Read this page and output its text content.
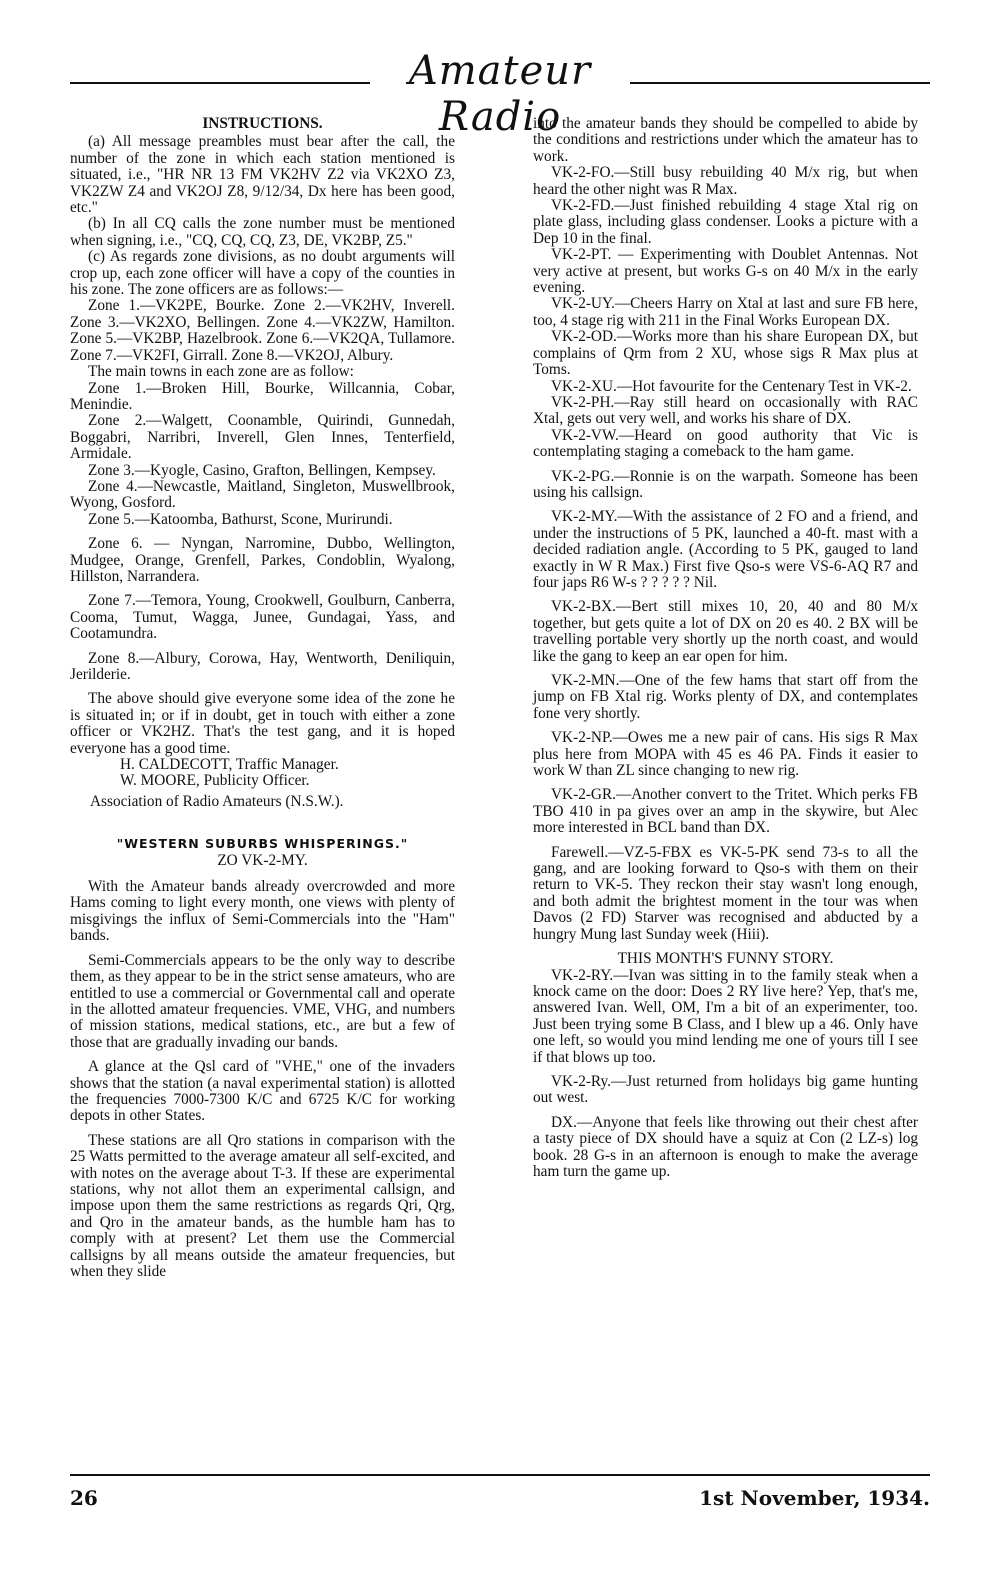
Amateur Radio

INSTRUCTIONS.

(a) All message preambles must bear after the call, the number of the zone in which each station mentioned is situated, i.e., "HR NR 13 FM VK2HV Z2 via VK2XO Z3, VK2ZW Z4 and VK2OJ Z8, 9/12/34, Dx here has been good, etc."

(b) In all CQ calls the zone number must be mentioned when signing, i.e., "CQ, CQ, CQ, Z3, DE, VK2BP, Z5."

(c) As regards zone divisions, as no doubt arguments will crop up, each zone officer will have a copy of the counties in his zone. The zone officers are as follows:—

Zone 1.—VK2PE, Bourke. Zone 2.—VK2HV, Inverell. Zone 3.—VK2XO, Bellingen. Zone 4.—VK2ZW, Hamilton. Zone 5.—VK2BP, Hazelbrook. Zone 6.—VK2QA, Tullamore. Zone 7.—VK2FI, Girrall. Zone 8.—VK2OJ, Albury.

The main towns in each zone are as follow:

Zone 1.—Broken Hill, Bourke, Willcannia, Cobar, Menindie.

Zone 2.—Walgett, Coonamble, Quirindi, Gunnedah, Boggabri, Narribri, Inverell, Glen Innes, Tenterfield, Armidale.

Zone 3.—Kyogle, Casino, Grafton, Bellingen, Kempsey.

Zone 4.—Newcastle, Maitland, Singleton, Muswellbrook, Wyong, Gosford.

Zone 5.—Katoomba, Bathurst, Scone, Murirundi.

Zone 6. — Nyngan, Narromine, Dubbo, Wellington, Mudgee, Orange, Grenfell, Parkes, Condoblin, Wyalong, Hillston, Narrandera.

Zone 7.—Temora, Young, Crookwell, Goulburn, Canberra, Cooma, Tumut, Wagga, Junee, Gundagai, Yass, and Cootamundra.

Zone 8.—Albury, Corowa, Hay, Wentworth, Deniliquin, Jerilderie.

The above should give everyone some idea of the zone he is situated in; or if in doubt, get in touch with either a zone officer or VK2HZ. That's the test gang, and it is hoped everyone has a good time.

H. CALDECOTT, Traffic Manager.

W. MOORE, Publicity Officer.

Association of Radio Amateurs (N.S.W.).

"WESTERN SUBURBS WHISPERINGS."

ZO VK-2-MY.

With the Amateur bands already overcrowded and more Hams coming to light every month, one views with plenty of misgivings the influx of Semi-Commercials into the "Ham" bands.

Semi-Commercials appears to be the only way to describe them, as they appear to be in the strict sense amateurs, who are entitled to use a commercial or Governmental call and operate in the allotted amateur frequencies. VME, VHG, and numbers of mission stations, medical stations, etc., are but a few of those that are gradually invading our bands.

A glance at the Qsl card of "VHE," one of the invaders shows that the station (a naval experimental station) is allotted the frequencies 7000-7300 K/C and 6725 K/C for working depots in other States.

These stations are all Qro stations in comparison with the 25 Watts permitted to the average amateur all self-excited, and with notes on the average about T-3. If these are experimental stations, why not allot them an experimental callsign, and impose upon them the same restrictions as regards Qri, Qrg, and Qro in the amateur bands, as the humble ham has to comply with at present? Let them use the Commercial callsigns by all means outside the amateur frequencies, but when they slide

into the amateur bands they should be compelled to abide by the conditions and restrictions under which the amateur has to work.

VK-2-FO.—Still busy rebuilding 40 M/x rig, but when heard the other night was R Max.

VK-2-FD.—Just finished rebuilding 4 stage Xtal rig on plate glass, including glass condenser. Looks a picture with a Dep 10 in the final.

VK-2-PT. — Experimenting with Doublet Antennas. Not very active at present, but works G-s on 40 M/x in the early evening.

VK-2-UY.—Cheers Harry on Xtal at last and sure FB here, too, 4 stage rig with 211 in the Final Works European DX.

VK-2-OD.—Works more than his share European DX, but complains of Qrm from 2 XU, whose sigs R Max plus at Toms.

VK-2-XU.—Hot favourite for the Centenary Test in VK-2.

VK-2-PH.—Ray still heard on occasionally with RAC Xtal, gets out very well, and works his share of DX.

VK-2-VW.—Heard on good authority that Vic is contemplating staging a comeback to the ham game.

VK-2-PG.—Ronnie is on the warpath. Someone has been using his callsign.

VK-2-MY.—With the assistance of 2 FO and a friend, and under the instructions of 5 PK, launched a 40-ft. mast with a decided radiation angle. (According to 5 PK, gauged to land exactly in W R Max.) First five Qso-s were VS-6-AQ R7 and four japs R6 W-s ? ? ? ? ? Nil.

VK-2-BX.—Bert still mixes 10, 20, 40 and 80 M/x together, but gets quite a lot of DX on 20 es 40. 2 BX will be travelling portable very shortly up the north coast, and would like the gang to keep an ear open for him.

VK-2-MN.—One of the few hams that start off from the jump on FB Xtal rig. Works plenty of DX, and contemplates fone very shortly.

VK-2-NP.—Owes me a new pair of cans. His sigs R Max plus here from MOPA with 45 es 46 PA. Finds it easier to work W than ZL since changing to new rig.

VK-2-GR.—Another convert to the Tritet. Which perks FB TBO 410 in pa gives over an amp in the skywire, but Alec more interested in BCL band than DX.

Farewell.—VZ-5-FBX es VK-5-PK send 73-s to all the gang, and are looking forward to Qso-s with them on their return to VK-5. They reckon their stay wasn't long enough, and both admit the brightest moment in the tour was when Davos (2 FD) Starver was recognised and abducted by a hungry Mung last Sunday week (Hiii).

THIS MONTH'S FUNNY STORY.

VK-2-RY.—Ivan was sitting in to the family steak when a knock came on the door: Does 2 RY live here? Yep, that's me, answered Ivan. Well, OM, I'm a bit of an experimenter, too. Just been trying some B Class, and I blew up a 46. Only have one left, so would you mind lending me one of yours till I see if that blows up too.

VK-2-Ry.—Just returned from holidays big game hunting out west.

DX.—Anyone that feels like throwing out their chest after a tasty piece of DX should have a squiz at Con (2 LZ-s) log book. 28 G-s in an afternoon is enough to make the average ham turn the game up.

26	1st November, 1934.
